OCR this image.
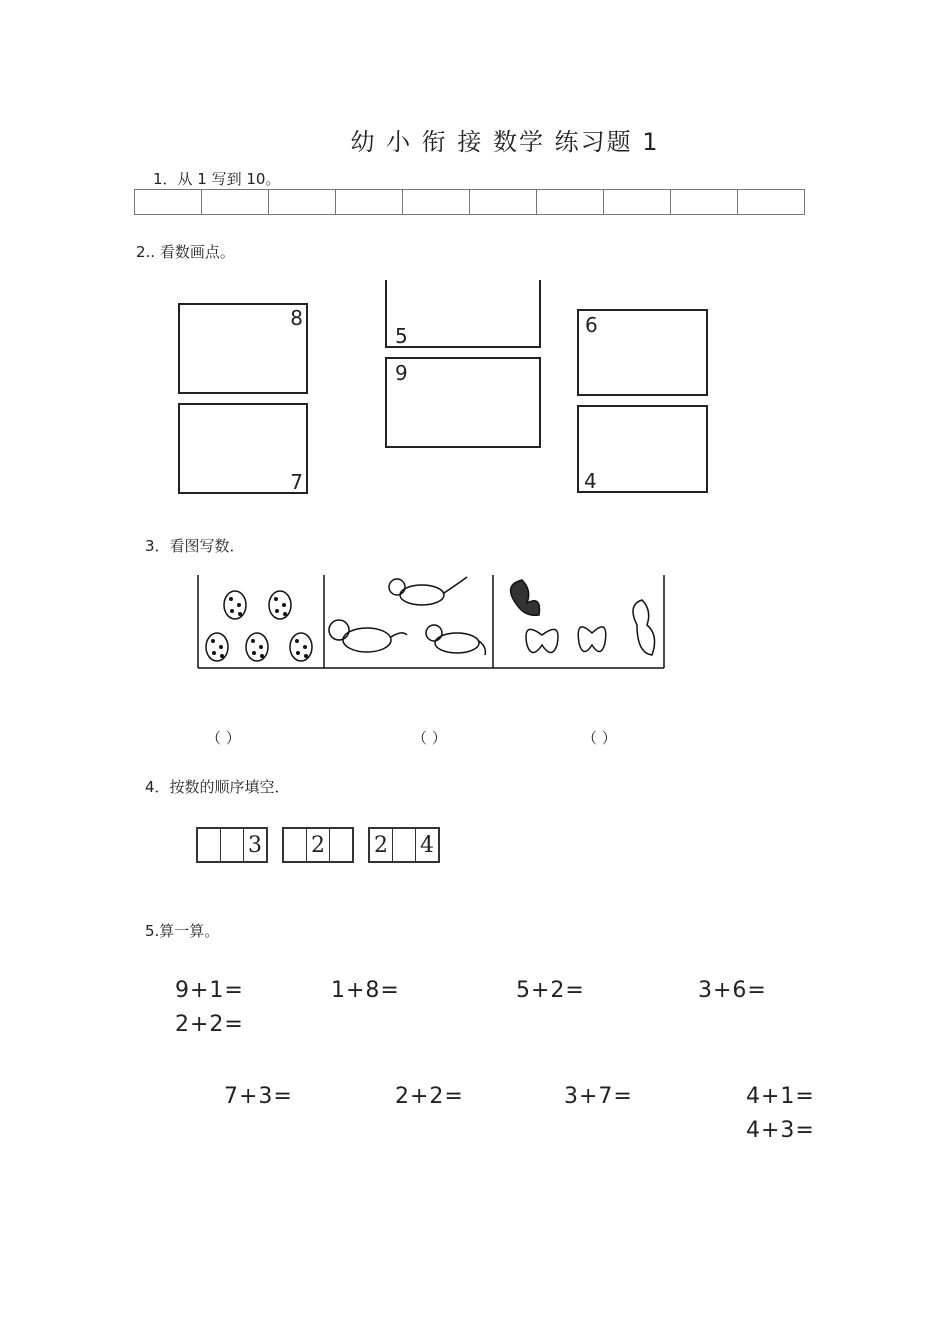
幼 小 衔 接 数学 练习题 1
1．从 1 写到 10。

2.. 看数画点。
8
7
5
9
6
4
3．看图写数．
（ ）	（ ）	（ ）
4．按数的顺序填空．
3 2 2 4
5.算一算。
9+1=	1+8=	5+2=	3+6=
2+2=
7+3=	2+2=	3+7=	4+1=
4+3=
